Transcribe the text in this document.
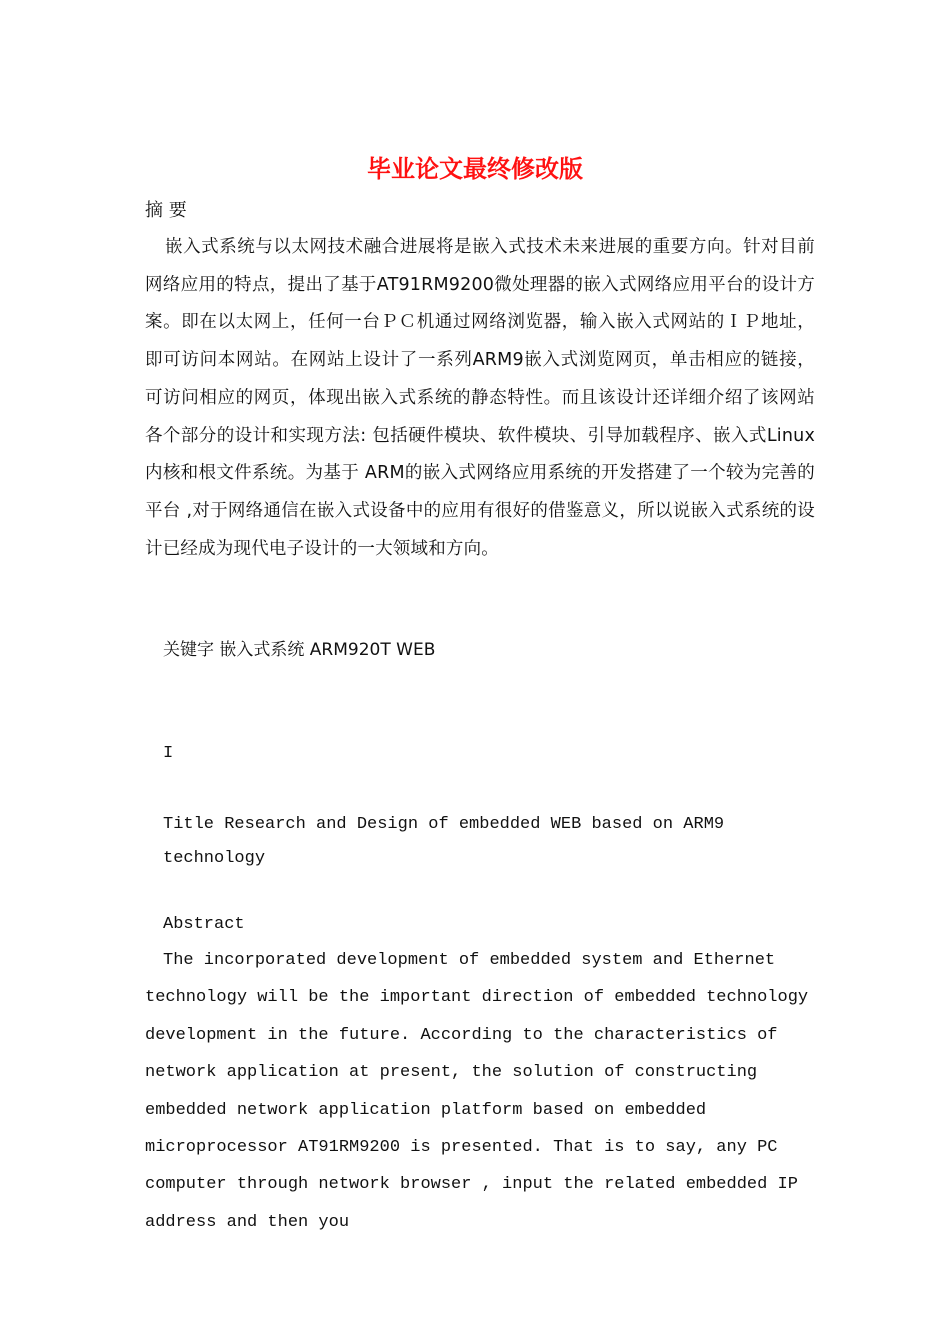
毕业论文最终修改版
摘 要

嵌入式系统与以太网技术融合进展将是嵌入式技术未来进展的重要方向。针对目前网络应用的特点，提出了基于AT91RM9200微处理器的嵌入式网络应用平台的设计方案。即在以太网上，任何一台ＰＣ机通过网络浏览器，输入嵌入式网站的ＩＰ地址，即可访问本网站。在网站上设计了一系列ARM9嵌入式浏览网页，单击相应的链接，可访问相应的网页，体现出嵌入式系统的静态特性。而且该设计还详细介绍了该网站各个部分的设计和实现方法: 包括硬件模块、软件模块、引导加载程序、嵌入式Linux内核和根文件系统。为基于 ARM的嵌入式网络应用系统的开发搭建了一个较为完善的平台 ,对于网络通信在嵌入式设备中的应用有很好的借鉴意义，所以说嵌入式系统的设计已经成为现代电子设计的一大领域和方向。

关键字 嵌入式系统 ARM920T WEB
I

Title Research and Design of embedded WEB based on ARM9 technology

Abstract

The incorporated development of embedded system and Ethernet technology will be the important direction of embedded technology development in the future. According to the characteristics of network application at present, the solution of constructing embedded network application platform based on embedded microprocessor AT91RM9200 is presented. That is to say, any PC computer through network browser , input the related embedded IP address and then you
